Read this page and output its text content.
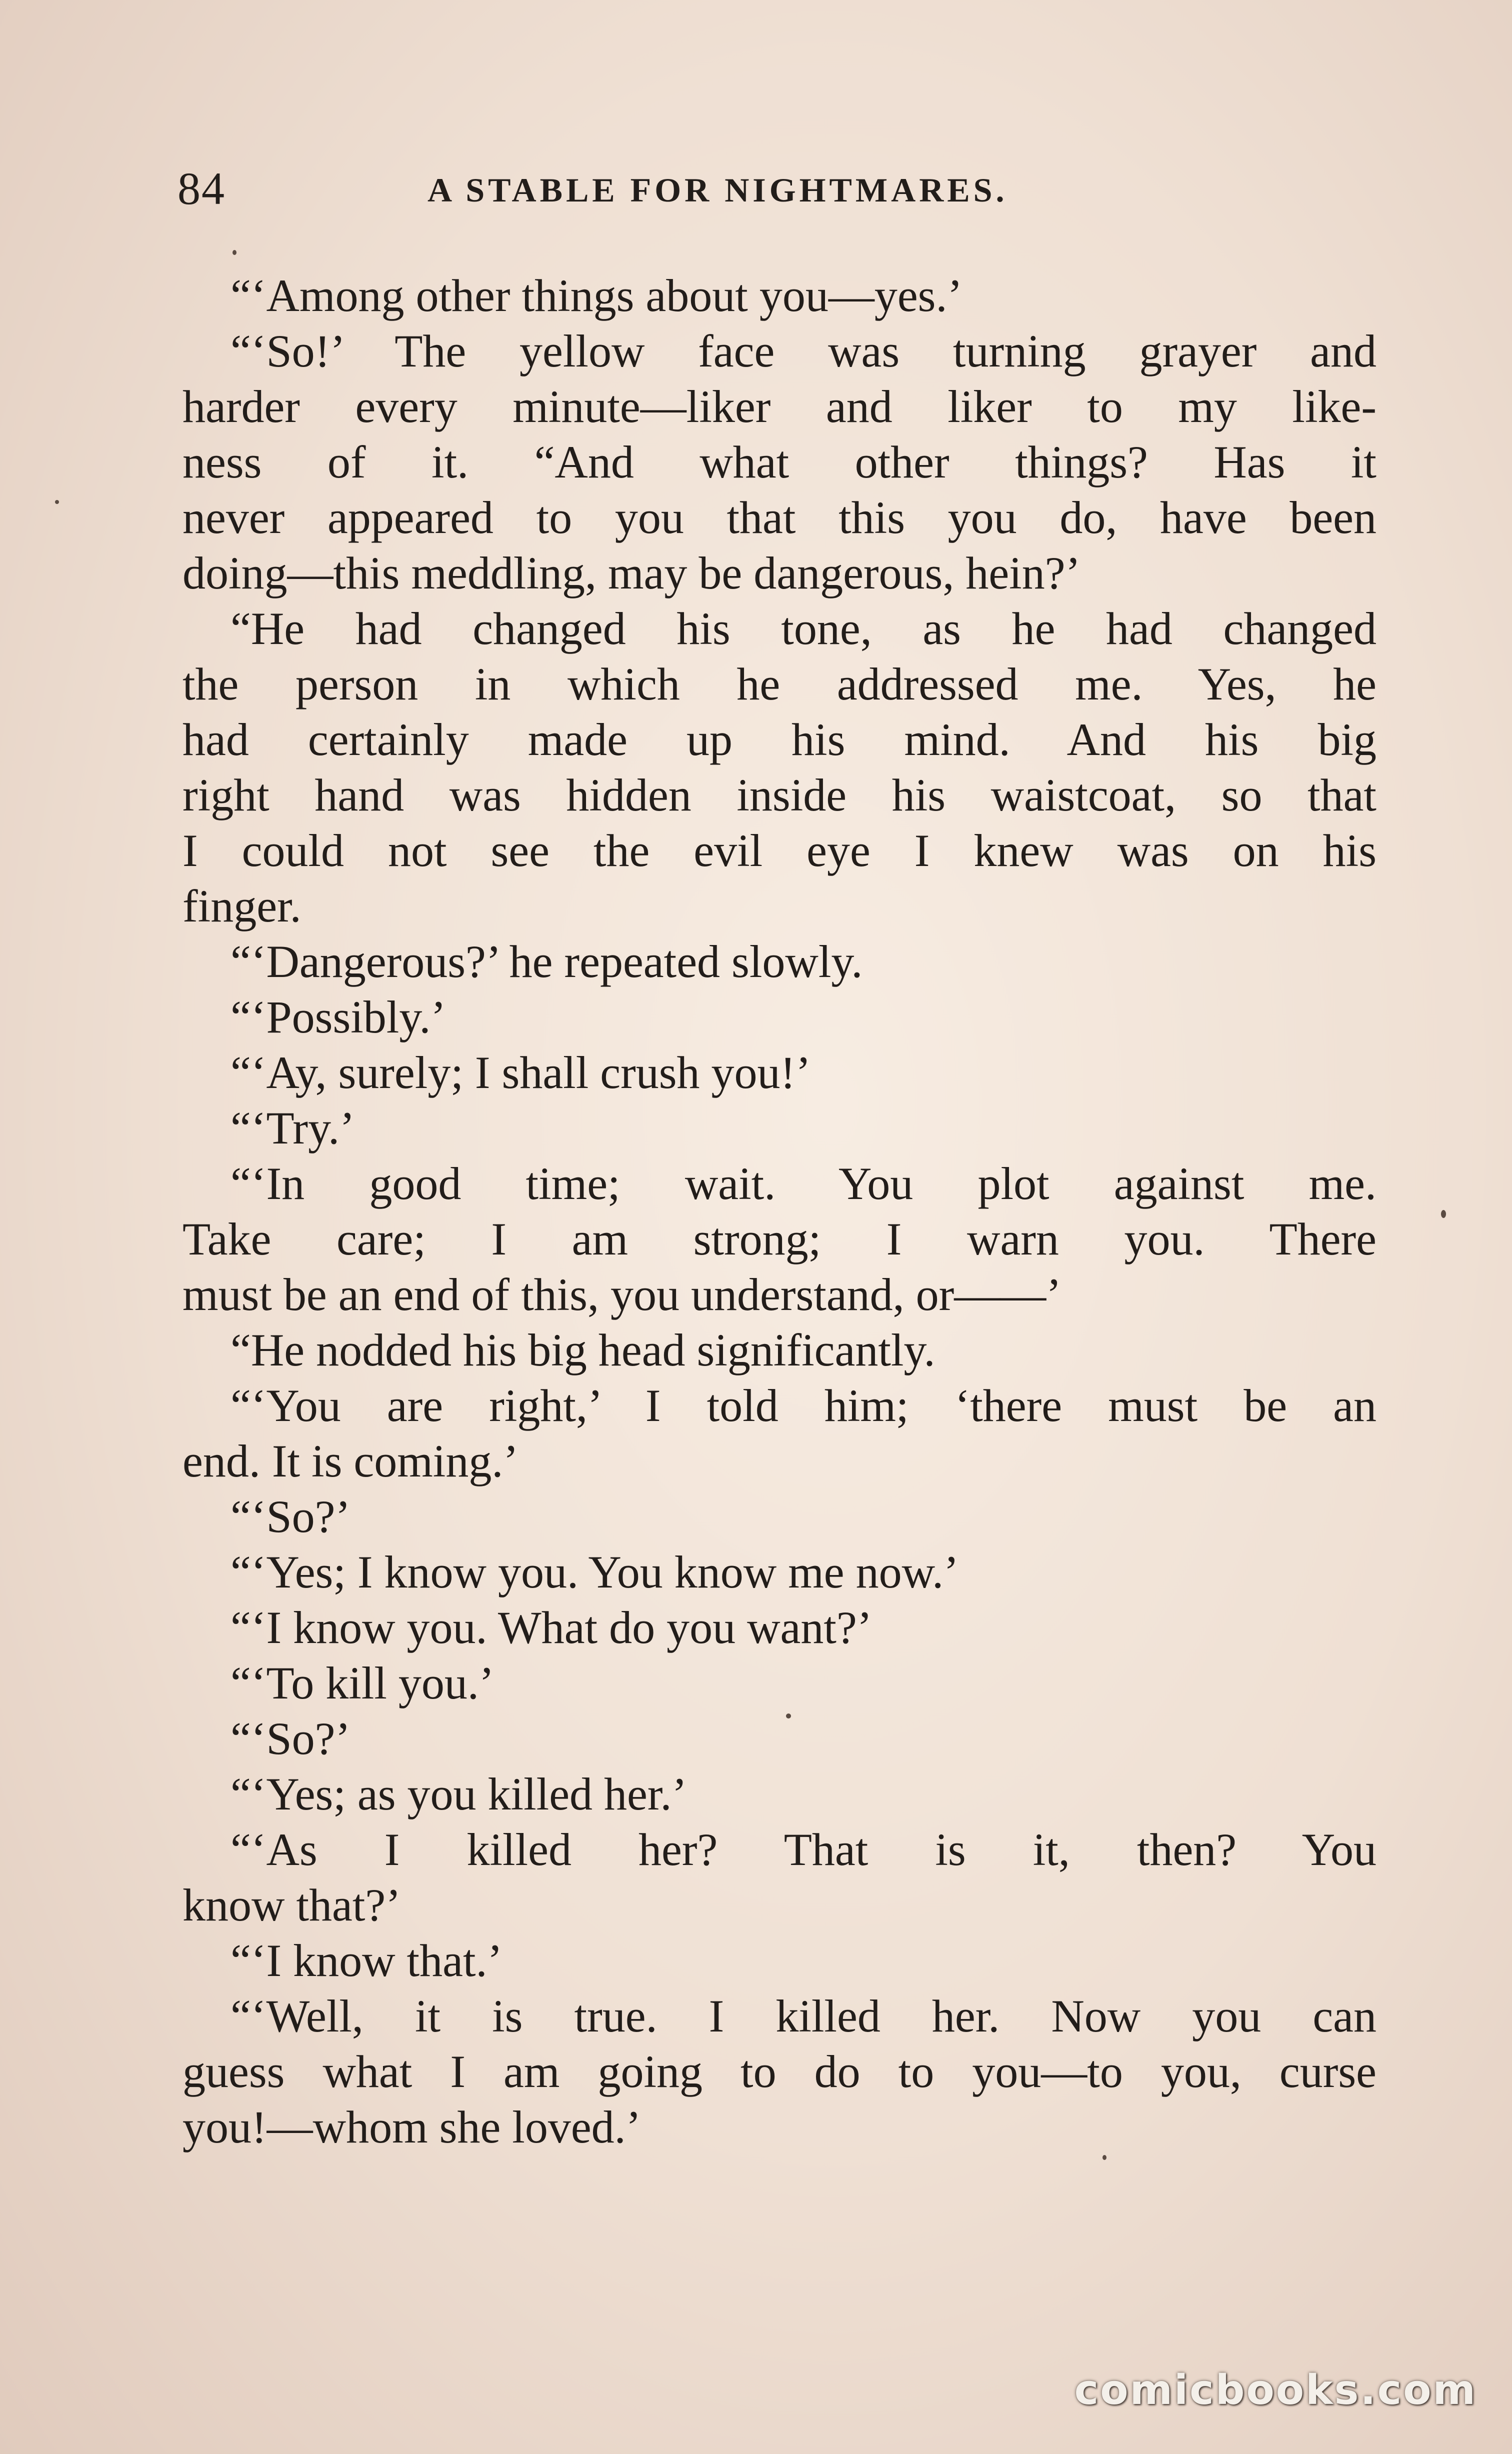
84	A STABLE FOR NIGHTMARES.
“‘Among other things about you—yes.’
“‘So!’ The yellow face was turning grayer and
harder every minute—liker and liker to my like-
ness of it. “And what other things? Has it
never appeared to you that this you do, have been
doing—this meddling, may be dangerous, hein?’
“He had changed his tone, as he had changed
the person in which he addressed me. Yes, he
had certainly made up his mind. And his big
right hand was hidden inside his waistcoat, so that
I could not see the evil eye I knew was on his
finger.
“‘Dangerous?’ he repeated slowly.
“‘Possibly.’
“‘Ay, surely; I shall crush you!’
“‘Try.’
“‘In good time; wait. You plot against me.
Take care; I am strong; I warn you. There
must be an end of this, you understand, or——’
“He nodded his big head significantly.
“‘You are right,’ I told him; ‘there must be an
end. It is coming.’
“‘So?’
“‘Yes; I know you. You know me now.’
“‘I know you. What do you want?’
“‘To kill you.’
“‘So?’
“‘Yes; as you killed her.’
“‘As I killed her? That is it, then? You
know that?’
“‘I know that.’
“‘Well, it is true. I killed her. Now you can
guess what I am going to do to you—to you, curse
you!—whom she loved.’
comicbooks.com
